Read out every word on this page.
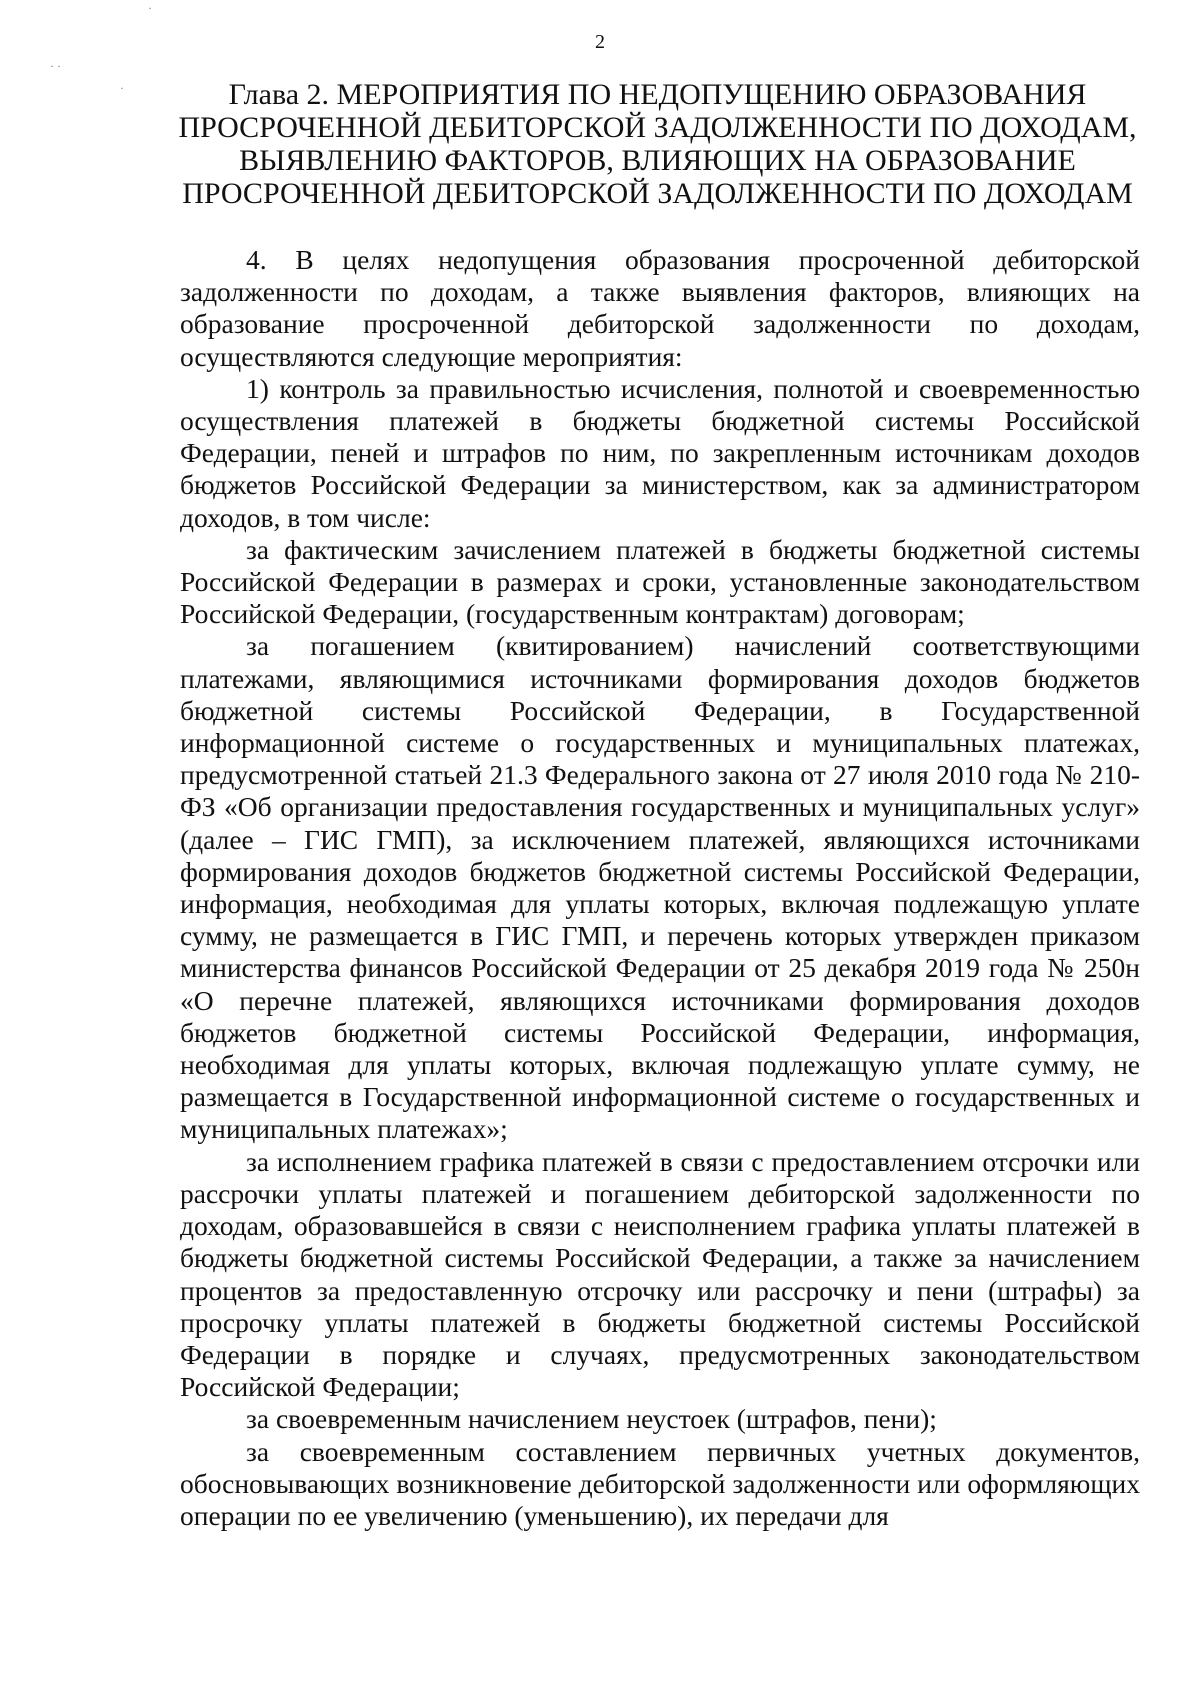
·
· ·
·
2
Глава 2. МЕРОПРИЯТИЯ ПО НЕДОПУЩЕНИЮ ОБРАЗОВАНИЯ
ПРОСРОЧЕННОЙ ДЕБИТОРСКОЙ ЗАДОЛЖЕННОСТИ ПО ДОХОДАМ,
ВЫЯВЛЕНИЮ ФАКТОРОВ, ВЛИЯЮЩИХ НА ОБРАЗОВАНИЕ
ПРОСРОЧЕННОЙ ДЕБИТОРСКОЙ ЗАДОЛЖЕННОСТИ ПО ДОХОДАМ

4. В целях недопущения образования просроченной дебиторской задолженности по доходам, а также выявления факторов, влияющих на образование просроченной дебиторской задолженности по доходам, осуществляются следующие мероприятия:

1) контроль за правильностью исчисления, полнотой и своевременностью осуществления платежей в бюджеты бюджетной системы Российской Федерации, пеней и штрафов по ним, по закрепленным источникам доходов бюджетов Российской Федерации за министерством, как за администратором доходов, в том числе:

за фактическим зачислением платежей в бюджеты бюджетной системы Российской Федерации в размерах и сроки, установленные законодательством Российской Федерации, (государственным контрактам) договорам;

за погашением (квитированием) начислений соответствующими платежами, являющимися источниками формирования доходов бюджетов бюджетной системы Российской Федерации, в Государственной информационной системе о государственных и муниципальных платежах, предусмотренной статьей 21.3 Федерального закона от 27 июля 2010 года № 210-ФЗ «Об организации предоставления государственных и муниципальных услуг» (далее – ГИС ГМП), за исключением платежей, являющихся источниками формирования доходов бюджетов бюджетной системы Российской Федерации, информация, необходимая для уплаты которых, включая подлежащую уплате сумму, не размещается в ГИС ГМП, и перечень которых утвержден приказом министерства финансов Российской Федерации от 25 декабря 2019 года № 250н «О перечне платежей, являющихся источниками формирования доходов бюджетов бюджетной системы Российской Федерации, информация, необходимая для уплаты которых, включая подлежащую уплате сумму, не размещается в Государственной информационной системе о государственных и муниципальных платежах»;

за исполнением графика платежей в связи с предоставлением отсрочки или рассрочки уплаты платежей и погашением дебиторской задолженности по доходам, образовавшейся в связи с неисполнением графика уплаты платежей в бюджеты бюджетной системы Российской Федерации, а также за начислением процентов за предоставленную отсрочку или рассрочку и пени (штрафы) за просрочку уплаты платежей в бюджеты бюджетной системы Российской Федерации в порядке и случаях, предусмотренных законодательством Российской Федерации;

за своевременным начислением неустоек (штрафов, пени);

за своевременным составлением первичных учетных документов, обосновывающих возникновение дебиторской задолженности или оформляющих операции по ее увеличению (уменьшению), их передачи для
